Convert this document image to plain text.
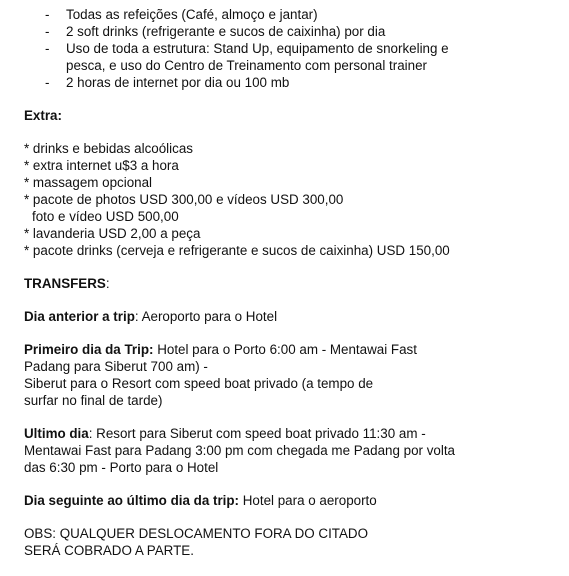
- Todas as refeições (Café, almoço e jantar)
- 2 soft drinks (refrigerante e sucos de caixinha) por dia
- Uso de toda a estrutura: Stand Up, equipamento de snorkeling e
pesca, e uso do Centro de Treinamento com personal trainer
- 2 horas de internet por dia ou 100 mb
Extra:
* drinks e bebidas alcoólicas
* extra internet u$3 a hora
* massagem opcional
* pacote de photos USD 300,00 e vídeos USD 300,00
foto e vídeo USD 500,00
* lavanderia USD 2,00 a peça
* pacote drinks (cerveja e refrigerante e sucos de caixinha) USD 150,00
TRANSFERS:
Dia anterior a trip: Aeroporto para o Hotel
Primeiro dia da Trip: Hotel para o Porto 6:00 am - Mentawai Fast
Padang para Siberut 700 am) -
Siberut para o Resort com speed boat privado (a tempo de
surfar no final de tarde)
Ultimo dia: Resort para Siberut com speed boat privado 11:30 am -
Mentawai Fast para Padang 3:00 pm com chegada me Padang por volta
das 6:30 pm - Porto para o Hotel
Dia seguinte ao último dia da trip: Hotel para o aeroporto
OBS: QUALQUER DESLOCAMENTO FORA DO CITADO
SERÁ COBRADO A PARTE.
